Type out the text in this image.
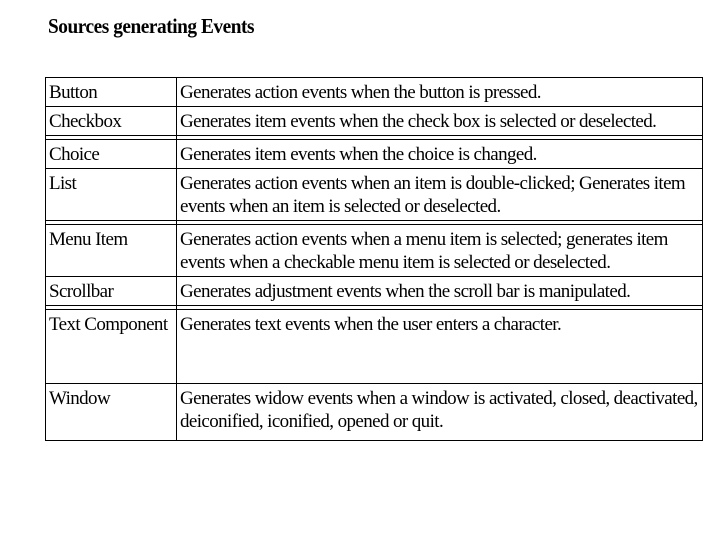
Sources generating Events
Button	Generates action events when the button is pressed.
Checkbox	Generates item events when the check box is selected or deselected.

Choice	Generates item events when the choice is changed.
List	Generates action events when an item is double-clicked; Generates item events when an item is selected or deselected.

Menu Item	Generates action events when a menu item is selected; generates item events when a checkable menu item is selected or deselected.
Scrollbar	Generates adjustment events when the scroll bar is manipulated.

Text Component	Generates text events when the user enters a character.
Window	Generates widow events when a window is activated, closed, deactivated, deiconified, iconified, opened or quit.
